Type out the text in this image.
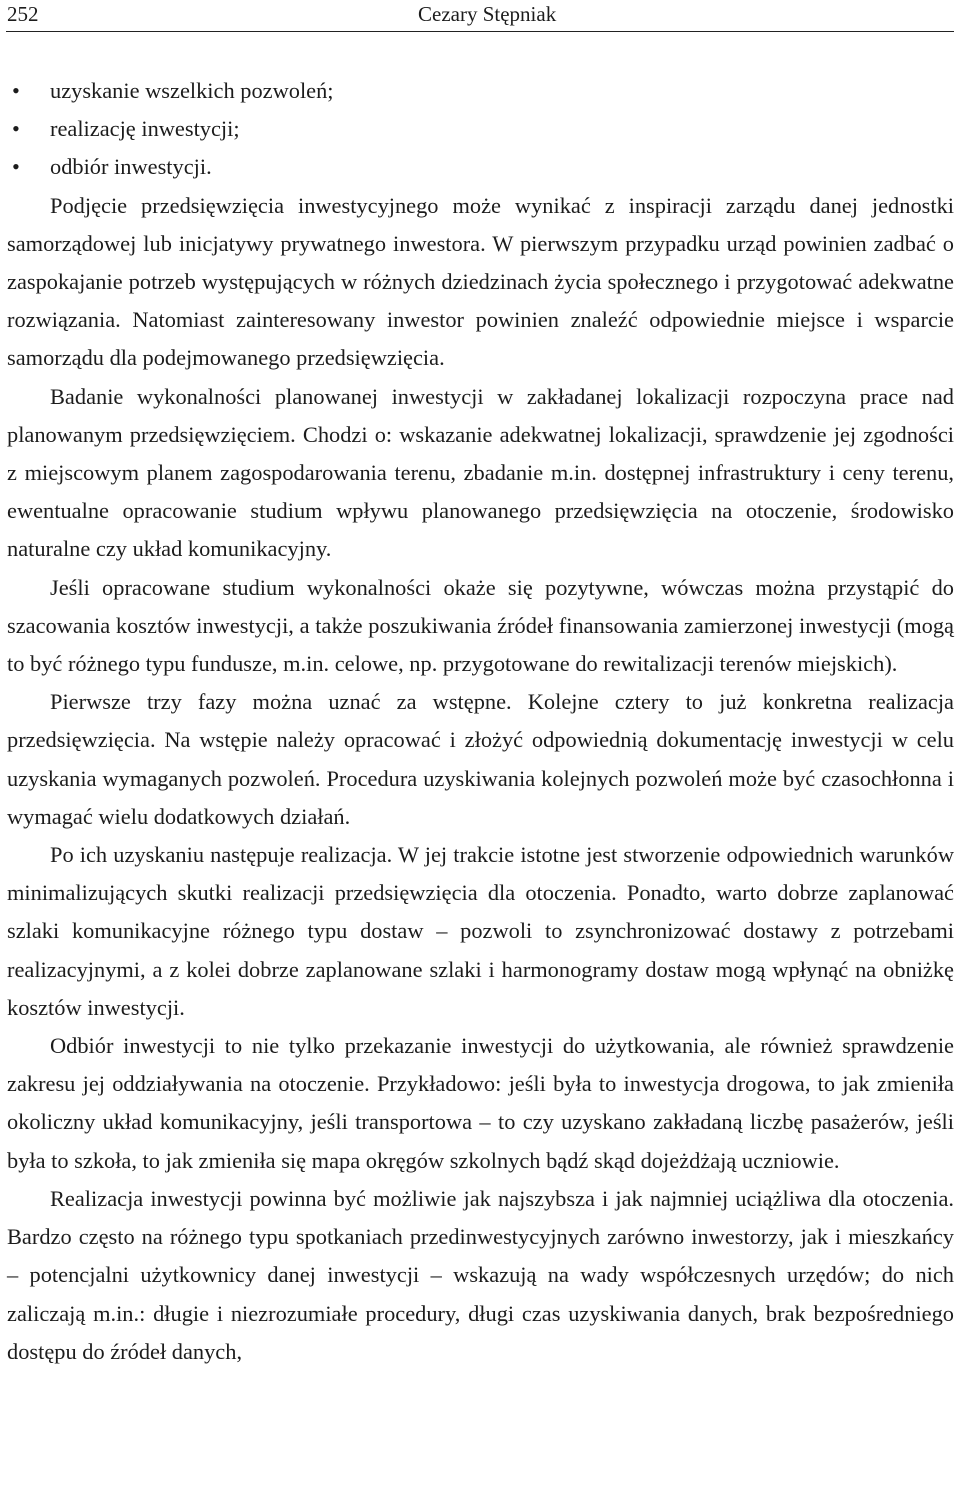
252	Cezary Stępniak
• uzyskanie wszelkich pozwoleń;
• realizację inwestycji;
• odbiór inwestycji.

Podjęcie przedsięwzięcia inwestycyjnego może wynikać z inspiracji zarządu danej jednostki samorządowej lub inicjatywy prywatnego inwestora. W pierwszym przypadku urząd powinien zadbać o zaspokajanie potrzeb występujących w różnych dziedzinach życia społecznego i przygotować adekwatne rozwiązania. Natomiast zainteresowany inwestor powinien znaleźć odpowiednie miejsce i wsparcie samorządu dla podejmowanego przedsięwzięcia.

Badanie wykonalności planowanej inwestycji w zakładanej lokalizacji rozpoczyna prace nad planowanym przedsięwzięciem. Chodzi o: wskazanie adekwatnej lokalizacji, sprawdzenie jej zgodności z miejscowym planem zagospodarowania terenu, zbadanie m.in. dostępnej infrastruktury i ceny terenu, ewentualne opracowanie studium wpływu planowanego przedsięwzięcia na otoczenie, środowisko naturalne czy układ komunikacyjny.

Jeśli opracowane studium wykonalności okaże się pozytywne, wówczas można przystąpić do szacowania kosztów inwestycji, a także poszukiwania źródeł finansowania zamierzonej inwestycji (mogą to być różnego typu fundusze, m.in. celowe, np. przygotowane do rewitalizacji terenów miejskich).

Pierwsze trzy fazy można uznać za wstępne. Kolejne cztery to już konkretna realizacja przedsięwzięcia. Na wstępie należy opracować i złożyć odpowiednią dokumentację inwestycji w celu uzyskania wymaganych pozwoleń. Procedura uzyskiwania kolejnych pozwoleń może być czasochłonna i wymagać wielu dodatkowych działań.

Po ich uzyskaniu następuje realizacja. W jej trakcie istotne jest stworzenie odpowiednich warunków minimalizujących skutki realizacji przedsięwzięcia dla otoczenia. Ponadto, warto dobrze zaplanować szlaki komunikacyjne różnego typu dostaw – pozwoli to zsynchronizować dostawy z potrzebami realizacyjnymi, a z kolei dobrze zaplanowane szlaki i harmonogramy dostaw mogą wpłynąć na obniżkę kosztów inwestycji.

Odbiór inwestycji to nie tylko przekazanie inwestycji do użytkowania, ale również sprawdzenie zakresu jej oddziaływania na otoczenie. Przykładowo: jeśli była to inwestycja drogowa, to jak zmieniła okoliczny układ komunikacyjny, jeśli transportowa – to czy uzyskano zakładaną liczbę pasażerów, jeśli była to szkoła, to jak zmieniła się mapa okręgów szkolnych bądź skąd dojeżdżają uczniowie.

Realizacja inwestycji powinna być możliwie jak najszybsza i jak najmniej uciążliwa dla otoczenia. Bardzo często na różnego typu spotkaniach przedinwestycyjnych zarówno inwestorzy, jak i mieszkańcy – potencjalni użytkownicy danej inwestycji – wskazują na wady współczesnych urzędów; do nich zaliczają m.in.: długie i niezrozumiałe procedury, długi czas uzyskiwania danych, brak bezpośredniego dostępu do źródeł danych,
